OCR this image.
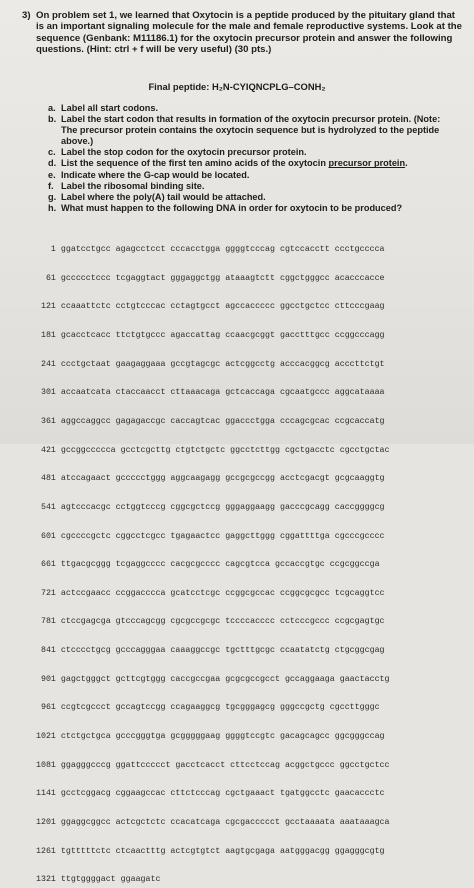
3) On problem set 1, we learned that Oxytocin is a peptide produced by the pituitary gland that is an important signaling molecule for the male and female reproductive systems. Look at the sequence (Genbank: M11186.1) for the oxytocin precursor protein and answer the following questions. (Hint: ctrl + f will be very useful) (30 pts.)
Final peptide: H₂N-CYIQNCPLG–CONH₂
a. Label all start codons.
b. Label the start codon that results in formation of the oxytocin precursor protein. (Note: The precursor protein contains the oxytocin sequence but is hydrolyzed to the peptide above.)
c. Label the stop codon for the oxytocin precursor protein.
d. List the sequence of the first ten amino acids of the oxytocin precursor protein.
e. Indicate where the G-cap would be located.
f. Label the ribosomal binding site.
g. Label where the poly(A) tail would be attached.
h. What must happen to the following DNA in order for oxytocin to be produced?

1 ggatcctgcc agagcctcct cccacctgga ggggtcccag cgtccacctt ccctgcccca

61 gccccctccc tcgaggtact gggaggctgg ataaagtctt cggctgggcc acacccacce

121 ccaaattctc cctgtcccac cctagtgcct agccaccccc ggcctgctcc cttcccgaag

181 gcacctcacc ttctgtgccc agaccattag ccaacgcggt gacctttgcc ccggcccagg

241 ccctgctaat gaagaggaaa gccgtagcgc actcggcctg acccacggcg acccttctgt

301 accaatcata ctaccaacct cttaaacaga gctcaccaga cgcaatgccc aggcataaaa

361 aggccaggcc gagagaccgc caccagtcac ggaccctgga cccagcgcac ccgcaccatg

421 gccggccccca gcctcgcttg ctgtctgctc ggcctcttgg cgctgacctc cgcctgctac

481 atccagaact gccccctggg aggcaagagg gccgcgccgg acctcgacgt gcgcaaggtg

541 agtcccacgc cctggtcccg cggcgctccg gggaggaagg gacccgcagg caccggggcg

601 cgccccgctc cggcctcgcc tgagaactcc gaggcttggg cggattttga cgcccgcccc

661 ttgacgcggg tcgaggcccc cacgcgcccc cagcgtcca gccaccgtgc ccgcggccga

721 actccgaacc ccggacccca gcatcctcgc ccggcgccac ccggcgcgcc tcgcaggtcc

781 ctccgagcga gtcccagcgg cgcgccgcgc tccccacccc cctcccgccc ccgcgagtgc

841 ctcccctgcg gcccagggaa caaaggccgc tgctttgcgc ccaatatctg ctgcggcgag

901 gagctgggct gcttcgtggg caccgccgaa gcgcgccgcct gccaggaaga gaactacctg

961 ccgtcgccct gccagtccgg ccagaaggcg tgcgggagcg gggccgctg cgccttgggc

1021 ctctgctgca gcccgggtga gcgggggaag ggggtccgtc gacagcagcc ggcgggccag

1081 ggagggcccg ggattccccct gacctcacct cttcctccag acggctgccc ggcctgctcc

1141 gcctcggacg cggaagccac cttctcccag cgctgaaact tgatggcctc gaacaccctc

1201 ggaggcggcc actcgctctc ccacatcaga cgcgaccccct gcctaaaata aaataaagca

1261 tgtttttctc ctcaactttg actcgtgtct aagtgcgaga aatgggacgg ggagggcgtg

1321 ttgtggggact ggaagatc
